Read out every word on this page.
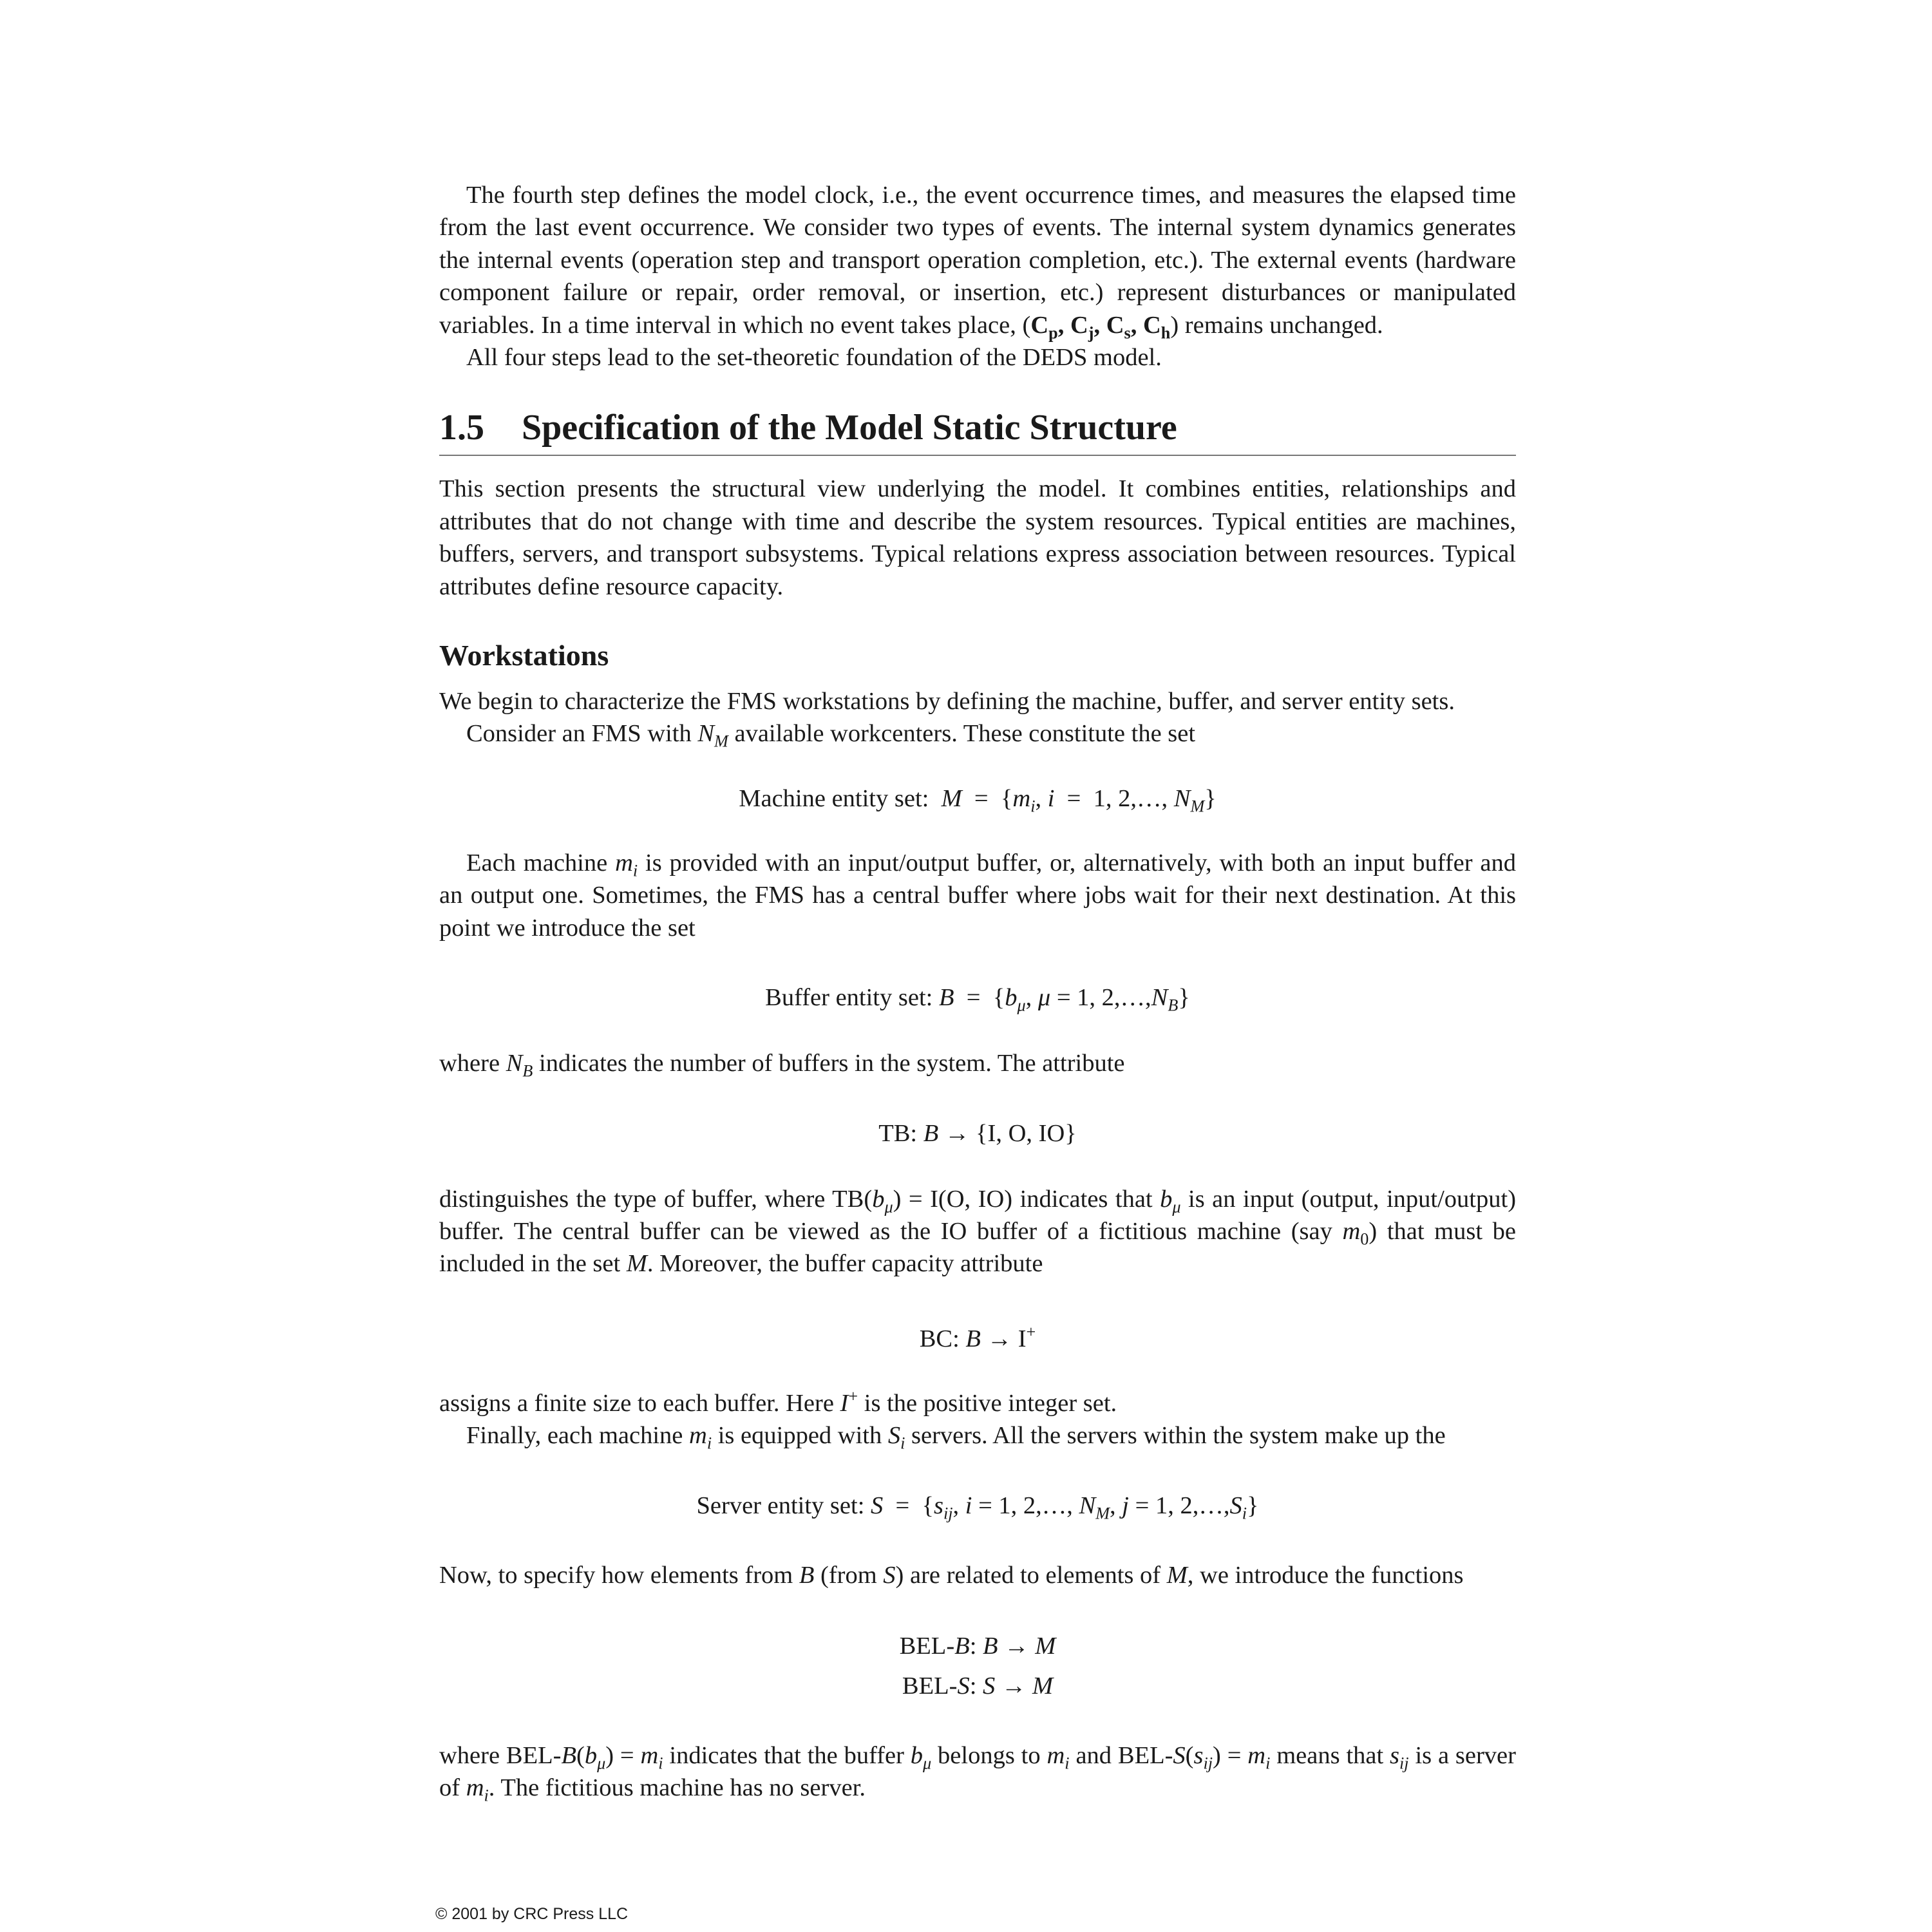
The fourth step defines the model clock, i.e., the event occurrence times, and measures the elapsed time from the last event occurrence. We consider two types of events. The internal system dynamics generates the internal events (operation step and transport operation completion, etc.). The external events (hardware component failure or repair, order removal, or insertion, etc.) represent disturbances or manipulated variables. In a time interval in which no event takes place, ($C_p$, $C_j$, $C_s$, $C_h$) remains unchanged.

All four steps lead to the set-theoretic foundation of the DEDS model.

1.5 Specification of the Model Static Structure

This section presents the structural view underlying the model. It combines entities, relationships and attributes that do not change with time and describe the system resources. Typical entities are machines, buffers, servers, and transport subsystems. Typical relations express association between resources. Typical attributes define resource capacity.

Workstations

We begin to characterize the FMS workstations by defining the machine, buffer, and server entity sets.

Consider an FMS with $N_M$ available workcenters. These constitute the set

Machine entity set: $M = \{m_i$, i  =  1, 2,…, $N_M$}

Each machine $m_i$ is provided with an input/output buffer, or, alternatively, with both an input buffer and an output one. Sometimes, the FMS has a central buffer where jobs wait for their next destination. At this point we introduce the set

Buffer entity set: $B = \{b_\mu$, μ = 1, $2,\dots,N_B$}

where $N_B$ indicates the number of buffers in the system. The attribute

TB: B → {I, O, IO}

distinguishes the type of buffer, where $TB(b_\mu) = I(O$, IO) indicates that $b_\mu$ is an input (output, input/output) buffer. The central buffer can be viewed as the IO buffer of a fictitious machine (say $m_0$) that must be included in the set M. Moreover, the buffer capacity attribute

BC: B → I+

assigns a finite size to each buffer. Here I+ is the positive integer set.

Finally, each machine $m_i$ is equipped with $S_i$ servers. All the servers within the system make up the

Server entity set: $S = \{s_{ij}$, i = 1, 2,…, $N_M$, j = 1, $2,\dots,S_i$}

Now, to specify how elements from B (from S) are related to elements of M, we introduce the functions

BEL-B: B → M
BEL-S: S → M

where BEL-$B(b_\mu) = m_i$ indicates that the buffer $b_\mu$ belongs to $m_i$ and BEL-$S(s_{ij}) = m_i$ means that $s_{ij}$ is a server of $m_i$. The fictitious machine has no server.

© 2001 by CRC Press LLC
